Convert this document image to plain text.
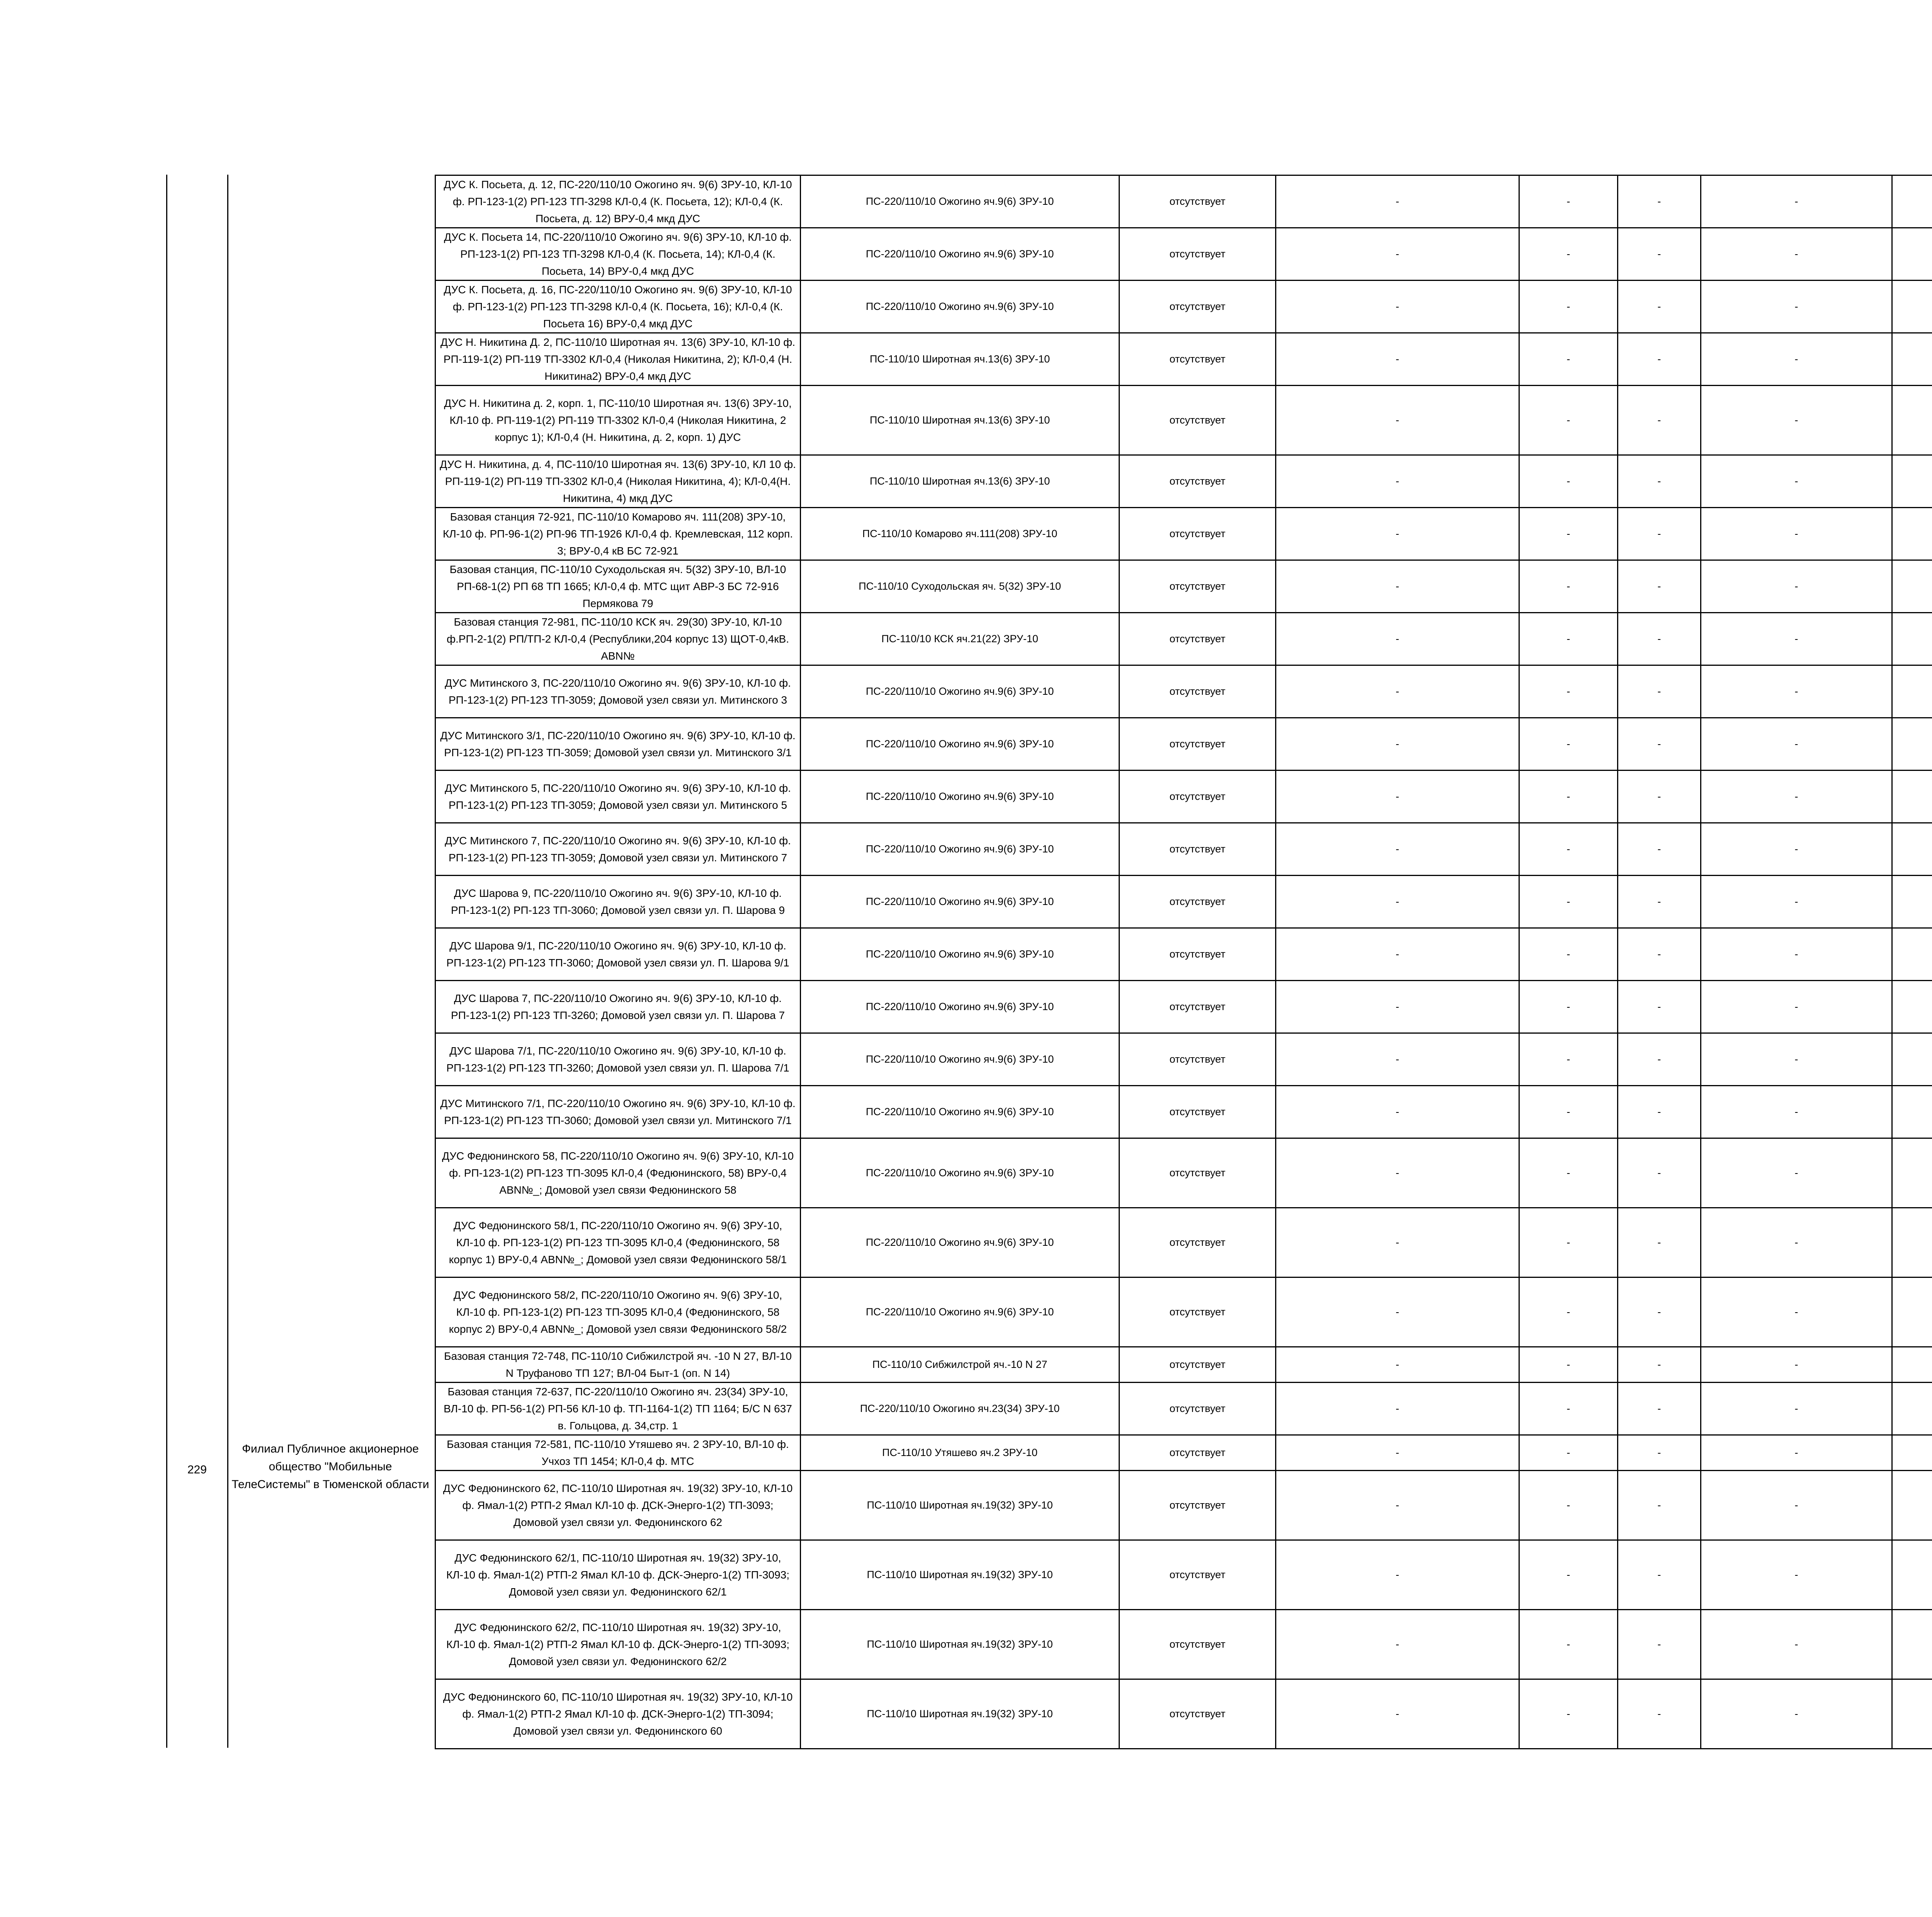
229
Филиал Публичное акционерное общество "Мобильные ТелеСистемы" в Тюменской области
ДУС К. Посьета, д. 12, ПС-220/110/10 Ожогино яч. 9(6) ЗРУ-10, КЛ-10 ф. РП-123-1(2) РП-123 ТП-3298 КЛ-0,4 (К. Посьета, 12); КЛ-0,4 (К. Посьета, д. 12) ВРУ-0,4 мкд ДУС	ПС-220/110/10 Ожогино яч.9(6) ЗРУ-10	отсутствует	-	-	-	-		
ДУС К. Посьета 14, ПС-220/110/10 Ожогино яч. 9(6) ЗРУ-10, КЛ-10 ф. РП-123-1(2) РП-123 ТП-3298 КЛ-0,4 (К. Посьета, 14); КЛ-0,4 (К. Посьета, 14) ВРУ-0,4 мкд ДУС	ПС-220/110/10 Ожогино яч.9(6) ЗРУ-10	отсутствует	-	-	-	-		
ДУС К. Посьета, д. 16, ПС-220/110/10 Ожогино яч. 9(6) ЗРУ-10, КЛ-10 ф. РП-123-1(2) РП-123 ТП-3298 КЛ-0,4 (К. Посьета, 16); КЛ-0,4 (К. Посьета 16) ВРУ-0,4 мкд ДУС	ПС-220/110/10 Ожогино яч.9(6) ЗРУ-10	отсутствует	-	-	-	-		
ДУС Н. Никитина Д. 2, ПС-110/10 Широтная яч. 13(6) ЗРУ-10, КЛ-10 ф. РП-119-1(2) РП-119 ТП-3302 КЛ-0,4 (Николая Никитина, 2); КЛ-0,4 (Н. Никитина2) ВРУ-0,4 мкд ДУС	ПС-110/10 Широтная яч.13(6) ЗРУ-10	отсутствует	-	-	-	-		
ДУС Н. Никитина д. 2, корп. 1, ПС-110/10 Широтная яч. 13(6) ЗРУ-10, КЛ-10 ф. РП-119-1(2) РП-119 ТП-3302 КЛ-0,4 (Николая Никитина, 2 корпус 1); КЛ-0,4 (Н. Никитина, д. 2, корп. 1) ДУС	ПС-110/10 Широтная яч.13(6) ЗРУ-10	отсутствует	-	-	-	-		
ДУС Н. Никитина, д. 4, ПС-110/10 Широтная яч. 13(6) ЗРУ-10, КЛ 10 ф. РП-119-1(2) РП-119 ТП-3302 КЛ-0,4 (Николая Никитина, 4); КЛ-0,4(Н. Никитина, 4) мкд ДУС	ПС-110/10 Широтная яч.13(6) ЗРУ-10	отсутствует	-	-	-	-		
Базовая станция 72-921, ПС-110/10 Комарово яч. 111(208) ЗРУ-10, КЛ-10 ф. РП-96-1(2) РП-96 ТП-1926 КЛ-0,4 ф. Кремлевская, 112 корп. 3; ВРУ-0,4 кВ БС 72-921	ПС-110/10 Комарово яч.111(208) ЗРУ-10	отсутствует	-	-	-	-		
Базовая станция, ПС-110/10 Суходольская яч. 5(32) ЗРУ-10, ВЛ-10 РП-68-1(2) РП 68 ТП 1665; КЛ-0,4 ф. МТС щит АВР-3 БС 72-916 Пермякова 79	ПС-110/10 Суходольская яч. 5(32) ЗРУ-10	отсутствует	-	-	-	-		
Базовая станция 72-981, ПС-110/10 КСК яч. 29(30) ЗРУ-10, КЛ-10 ф.РП-2-1(2) РП/ТП-2 КЛ-0,4 (Республики,204 корпус 13) ЩОТ-0,4кВ. АВN№	ПС-110/10 КСК яч.21(22) ЗРУ-10	отсутствует	-	-	-	-		
ДУС Митинского 3, ПС-220/110/10 Ожогино яч. 9(6) ЗРУ-10, КЛ-10 ф. РП-123-1(2) РП-123 ТП-3059; Домовой узел связи ул. Митинского 3	ПС-220/110/10 Ожогино яч.9(6) ЗРУ-10	отсутствует	-	-	-	-		
ДУС Митинского 3/1, ПС-220/110/10 Ожогино яч. 9(6) ЗРУ-10, КЛ-10 ф. РП-123-1(2) РП-123 ТП-3059; Домовой узел связи ул. Митинского 3/1	ПС-220/110/10 Ожогино яч.9(6) ЗРУ-10	отсутствует	-	-	-	-		
ДУС Митинского 5, ПС-220/110/10 Ожогино яч. 9(6) ЗРУ-10, КЛ-10 ф. РП-123-1(2) РП-123 ТП-3059; Домовой узел связи ул. Митинского 5	ПС-220/110/10 Ожогино яч.9(6) ЗРУ-10	отсутствует	-	-	-	-		
ДУС Митинского 7, ПС-220/110/10 Ожогино яч. 9(6) ЗРУ-10, КЛ-10 ф. РП-123-1(2) РП-123 ТП-3059; Домовой узел связи ул. Митинского 7	ПС-220/110/10 Ожогино яч.9(6) ЗРУ-10	отсутствует	-	-	-	-		
ДУС Шарова 9, ПС-220/110/10 Ожогино яч. 9(6) ЗРУ-10, КЛ-10 ф. РП-123-1(2) РП-123 ТП-3060; Домовой узел связи ул. П. Шарова 9	ПС-220/110/10 Ожогино яч.9(6) ЗРУ-10	отсутствует	-	-	-	-		
ДУС Шарова 9/1, ПС-220/110/10 Ожогино яч. 9(6) ЗРУ-10, КЛ-10 ф. РП-123-1(2) РП-123 ТП-3060; Домовой узел связи ул. П. Шарова 9/1	ПС-220/110/10 Ожогино яч.9(6) ЗРУ-10	отсутствует	-	-	-	-		
ДУС Шарова 7, ПС-220/110/10 Ожогино яч. 9(6) ЗРУ-10, КЛ-10 ф. РП-123-1(2) РП-123 ТП-3260; Домовой узел связи ул. П. Шарова 7	ПС-220/110/10 Ожогино яч.9(6) ЗРУ-10	отсутствует	-	-	-	-		
ДУС Шарова 7/1, ПС-220/110/10 Ожогино яч. 9(6) ЗРУ-10, КЛ-10 ф. РП-123-1(2) РП-123 ТП-3260; Домовой узел связи ул. П. Шарова 7/1	ПС-220/110/10 Ожогино яч.9(6) ЗРУ-10	отсутствует	-	-	-	-		
ДУС Митинского 7/1, ПС-220/110/10 Ожогино яч. 9(6) ЗРУ-10, КЛ-10 ф. РП-123-1(2) РП-123 ТП-3060; Домовой узел связи ул. Митинского 7/1	ПС-220/110/10 Ожогино яч.9(6) ЗРУ-10	отсутствует	-	-	-	-		
ДУС Федюнинского 58, ПС-220/110/10 Ожогино яч. 9(6) ЗРУ-10, КЛ-10 ф. РП-123-1(2) РП-123 ТП-3095 КЛ-0,4 (Федюнинского, 58) ВРУ-0,4 АВN№_; Домовой узел связи Федюнинского 58	ПС-220/110/10 Ожогино яч.9(6) ЗРУ-10	отсутствует	-	-	-	-		
ДУС Федюнинского 58/1, ПС-220/110/10 Ожогино яч. 9(6) ЗРУ-10, КЛ-10 ф. РП-123-1(2) РП-123 ТП-3095 КЛ-0,4 (Федюнинского, 58 корпус 1) ВРУ-0,4 АВN№_; Домовой узел связи Федюнинского 58/1	ПС-220/110/10 Ожогино яч.9(6) ЗРУ-10	отсутствует	-	-	-	-		
ДУС Федюнинского 58/2, ПС-220/110/10 Ожогино яч. 9(6) ЗРУ-10, КЛ-10 ф. РП-123-1(2) РП-123 ТП-3095 КЛ-0,4 (Федюнинского, 58 корпус 2) ВРУ-0,4 АВN№_; Домовой узел связи Федюнинского 58/2	ПС-220/110/10 Ожогино яч.9(6) ЗРУ-10	отсутствует	-	-	-	-		
Базовая станция 72-748, ПС-110/10 Сибжилстрой яч. -10 N 27, ВЛ-10 N Труфаново ТП 127; ВЛ-04 Быт-1 (оп. N 14)	ПС-110/10 Сибжилстрой яч.-10 N 27	отсутствует	-	-	-	-		
Базовая станция 72-637, ПС-220/110/10 Ожогино яч. 23(34) ЗРУ-10, ВЛ-10 ф. РП-56-1(2) РП-56 КЛ-10 ф. ТП-1164-1(2) ТП 1164; Б/С N 637 в. Гольцова, д. 34,стр. 1	ПС-220/110/10 Ожогино яч.23(34) ЗРУ-10	отсутствует	-	-	-	-		
Базовая станция 72-581, ПС-110/10 Утяшево яч. 2 ЗРУ-10, ВЛ-10 ф. Учхоз ТП 1454; КЛ-0,4 ф. МТС	ПС-110/10 Утяшево яч.2 ЗРУ-10	отсутствует	-	-	-	-		
ДУС Федюнинского 62, ПС-110/10 Широтная яч. 19(32) ЗРУ-10, КЛ-10 ф. Ямал-1(2) РТП-2 Ямал КЛ-10 ф. ДСК-Энерго-1(2) ТП-3093; Домовой узел связи ул. Федюнинского 62	ПС-110/10 Широтная яч.19(32) ЗРУ-10	отсутствует	-	-	-	-		
ДУС Федюнинского 62/1, ПС-110/10 Широтная яч. 19(32) ЗРУ-10, КЛ-10 ф. Ямал-1(2) РТП-2 Ямал КЛ-10 ф. ДСК-Энерго-1(2) ТП-3093; Домовой узел связи ул. Федюнинского 62/1	ПС-110/10 Широтная яч.19(32) ЗРУ-10	отсутствует	-	-	-	-		
ДУС Федюнинского 62/2, ПС-110/10 Широтная яч. 19(32) ЗРУ-10, КЛ-10 ф. Ямал-1(2) РТП-2 Ямал КЛ-10 ф. ДСК-Энерго-1(2) ТП-3093; Домовой узел связи ул. Федюнинского 62/2	ПС-110/10 Широтная яч.19(32) ЗРУ-10	отсутствует	-	-	-	-		
ДУС Федюнинского 60, ПС-110/10 Широтная яч. 19(32) ЗРУ-10, КЛ-10 ф. Ямал-1(2) РТП-2 Ямал КЛ-10 ф. ДСК-Энерго-1(2) ТП-3094; Домовой узел связи ул. Федюнинского 60	ПС-110/10 Широтная яч.19(32) ЗРУ-10	отсутствует	-	-	-	-		
